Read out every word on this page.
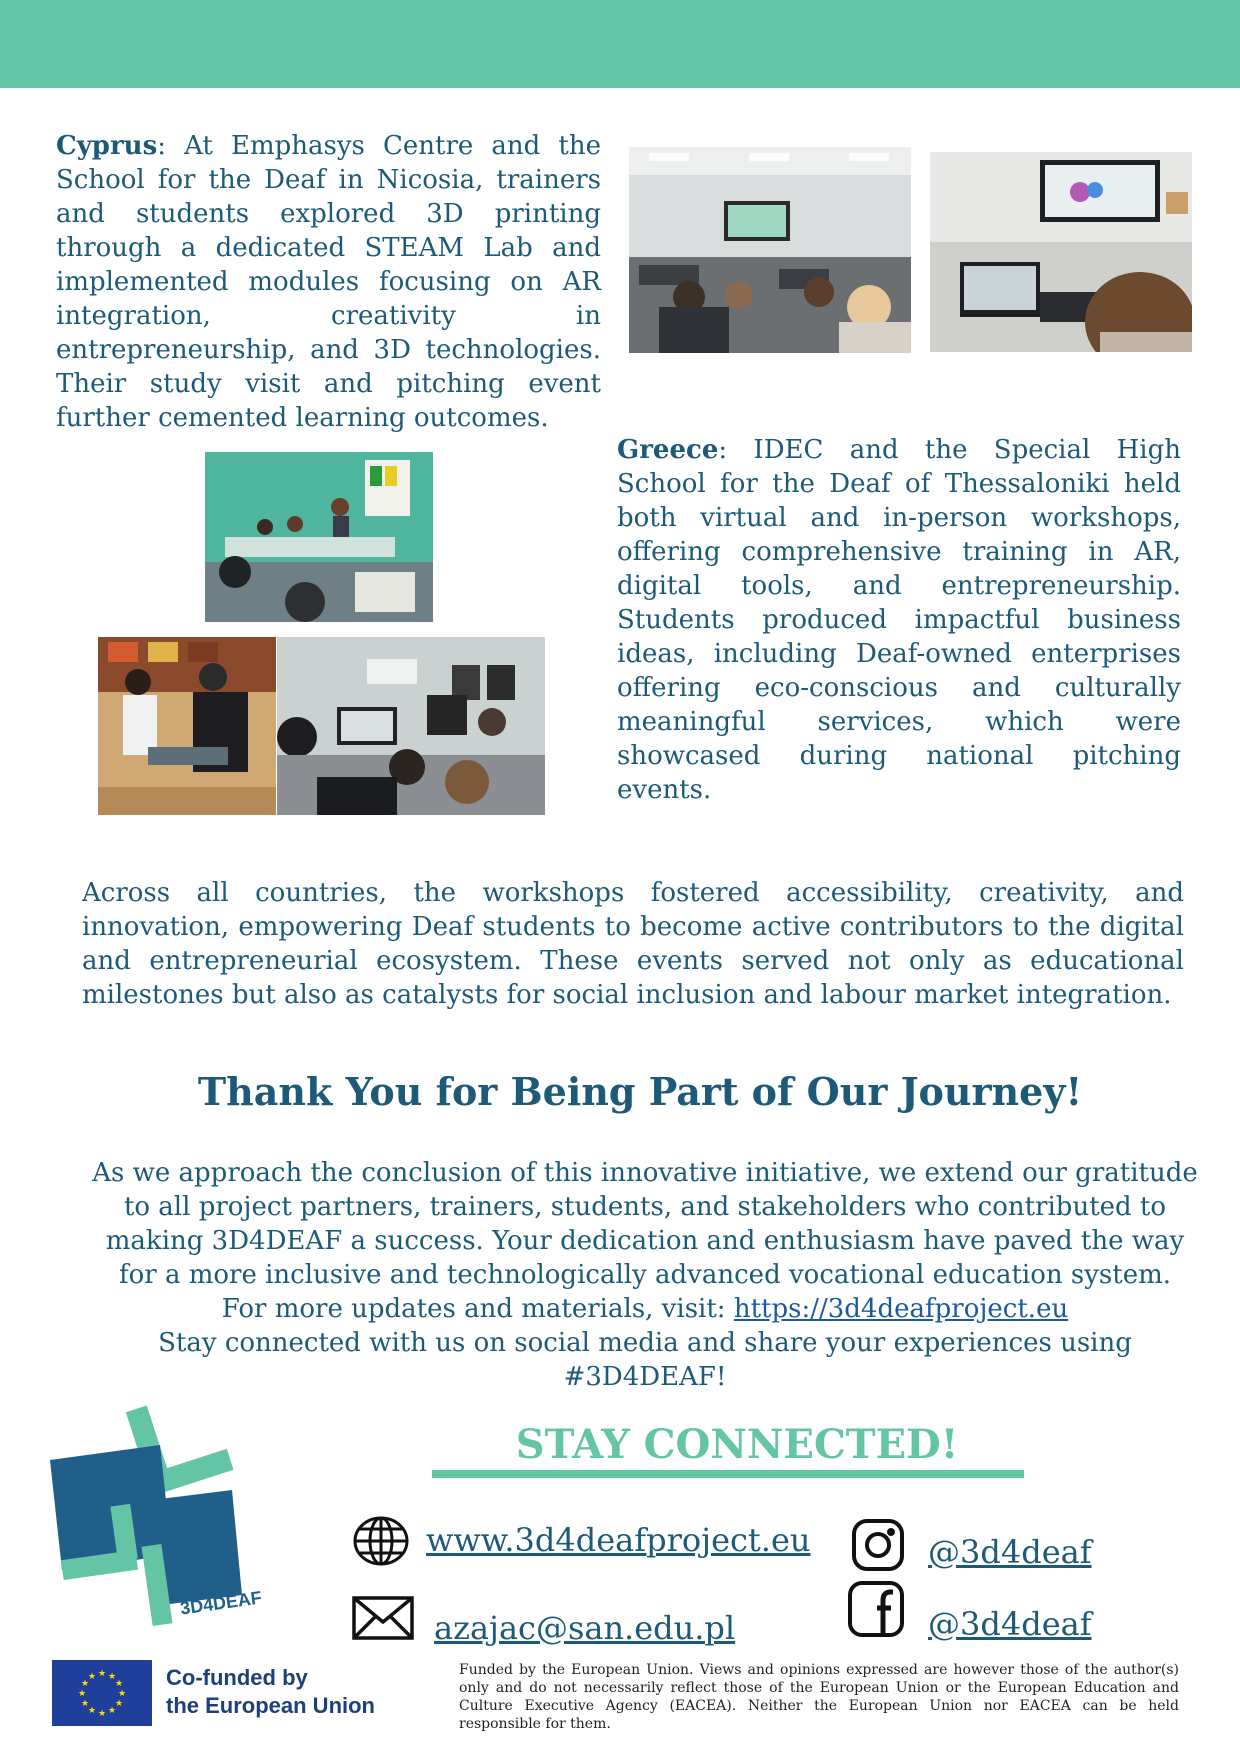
Cyprus: At Emphasys Centre and the School for the Deaf in Nicosia, trainers and students explored 3D printing through a dedicated STEAM Lab and implemented modules focusing on AR integration, creativity in entrepreneurship, and 3D technologies. Their study visit and pitching event further cemented learning outcomes.

Greece: IDEC and the Special High School for the Deaf of Thessaloniki held both virtual and in-person workshops, offering comprehensive training in AR, digital tools, and entrepreneurship. Students produced impactful business ideas, including Deaf-owned enterprises offering eco-conscious and culturally meaningful services, which were showcased during national pitching events.

Across all countries, the workshops fostered accessibility, creativity, and innovation, empowering Deaf students to become active contributors to the digital and entrepreneurial ecosystem. These events served not only as educational milestones but also as catalysts for social inclusion and labour market integration.

Thank You for Being Part of Our Journey!
As we approach the conclusion of this innovative initiative, we extend our gratitude
to all project partners, trainers, students, and stakeholders who contributed to
making 3D4DEAF a success. Your dedication and enthusiasm have paved the way
for a more inclusive and technologically advanced vocational education system.
For more updates and materials, visit: https://3d4deafproject.eu
Stay connected with us on social media and share your experiences using
#3D4DEAF!
3D4DEAF
STAY CONNECTED!
www.3d4deafproject.eu
azajac@san.edu.pl
@3d4deaf
@3d4deaf
★ ★
★
★
★
★
★
★
★
★
★
★	Co-funded by
the European Union
Funded by the European Union. Views and opinions expressed are however those of the author(s) only and do not necessarily reflect those of the European Union or the European Education and Culture Executive Agency (EACEA). Neither the European Union nor EACEA can be held responsible for them.
